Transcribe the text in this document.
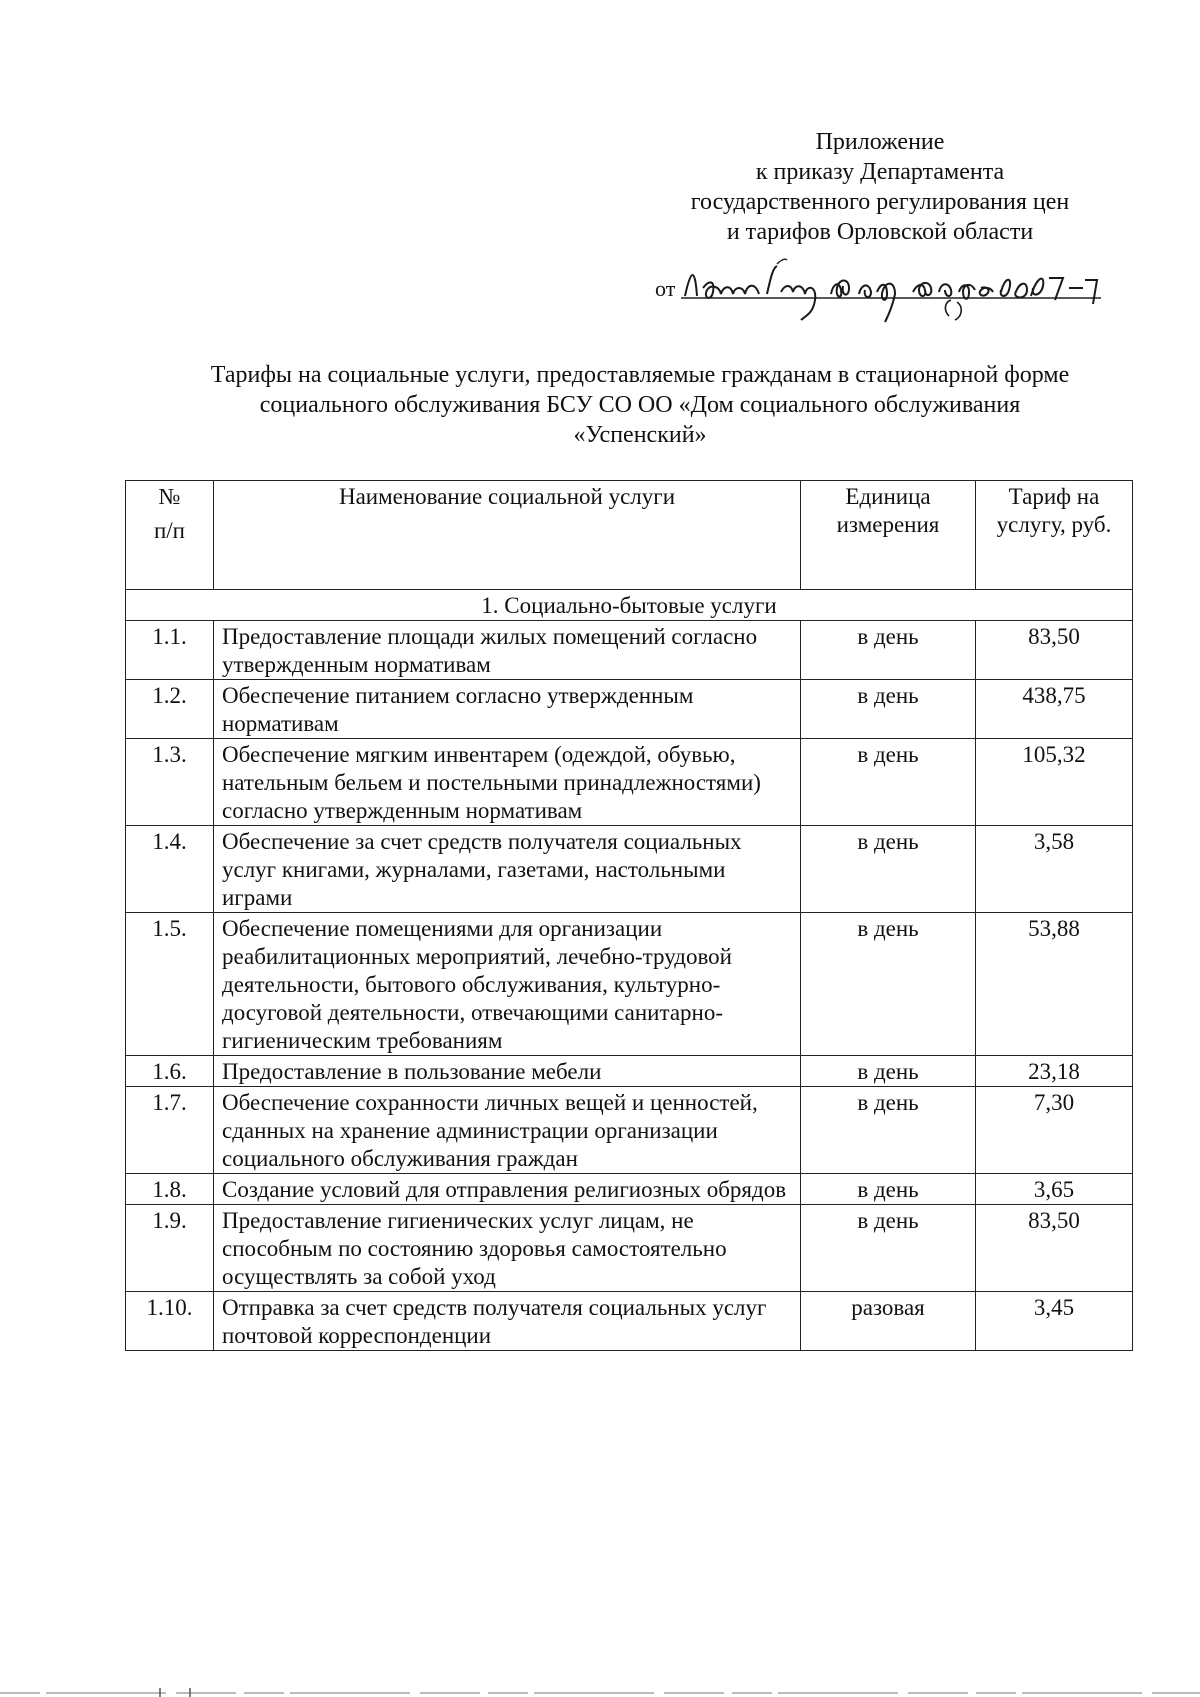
Приложение
к приказу Департамента
государственного регулирования цен
и тарифов Орловской области
от
Тарифы на социальные услуги, предоставляемые гражданам в стационарной форме
социального обслуживания БСУ СО ОО «Дом социального обслуживания
«Успенский»
№
п/п	Наименование социальной услуги	Единица измерения	Тариф на услугу, руб.
1. Социально-бытовые услуги			
1.1.	Предоставление площади жилых помещений согласно утвержденным нормативам	в день	83,50
1.2.	Обеспечение питанием согласно утвержденным нормативам	в день	438,75
1.3.	Обеспечение мягким инвентарем (одеждой, обувью, нательным бельем и постельными принадлежностями) согласно утвержденным нормативам	в день	105,32
1.4.	Обеспечение за счет средств получателя социальных услуг книгами, журналами, газетами, настольными играми	в день	3,58
1.5.	Обеспечение помещениями для организации реабилитационных мероприятий, лечебно-трудовой деятельности, бытового обслуживания, культурно-досуговой деятельности, отвечающими санитарно-гигиеническим требованиям	в день	53,88
1.6.	Предоставление в пользование мебели	в день	23,18
1.7.	Обеспечение сохранности личных вещей и ценностей, сданных на хранение администрации организации социального обслуживания граждан	в день	7,30
1.8.	Создание условий для отправления религиозных обрядов	в день	3,65
1.9.	Предоставление гигиенических услуг лицам, не способным по состоянию здоровья самостоятельно осуществлять за собой уход	в день	83,50
1.10.	Отправка за счет средств получателя социальных услуг почтовой корреспонденции	разовая	3,45
